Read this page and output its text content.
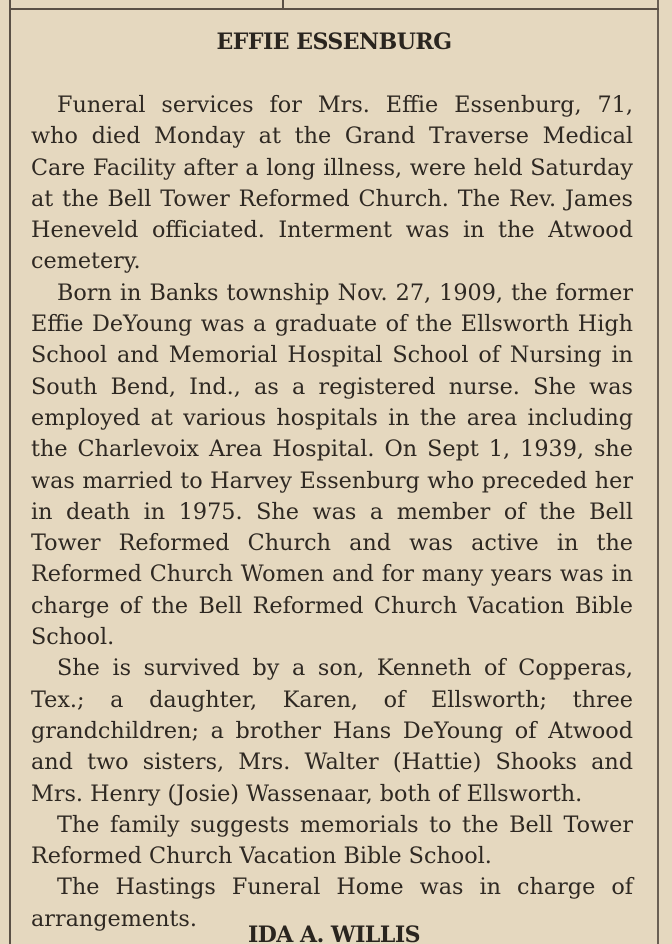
EFFIE ESSENBURG

Funeral services for Mrs. Effie Essenburg, 71, who died Monday at the Grand Traverse Medical Care Facility after a long illness, were held Saturday at the Bell Tower Reformed Church. The Rev. James Heneveld officiated. Interment was in the Atwood cemetery.

Born in Banks township Nov. 27, 1909, the former Effie DeYoung was a graduate of the Ellsworth High School and Memorial Hospital School of Nursing in South Bend, Ind., as a registered nurse. She was employed at various hospitals in the area including the Charlevoix Area Hospital. On Sept 1, 1939, she was married to Harvey Essenburg who preceded her in death in 1975. She was a member of the Bell Tower Reformed Church and was active in the Reformed Church Women and for many years was in charge of the Bell Reformed Church Vacation Bible School.

She is survived by a son, Kenneth of Copperas, Tex.; a daughter, Karen, of Ellsworth; three grandchildren; a brother Hans DeYoung of Atwood and two sisters, Mrs. Walter (Hattie) Shooks and Mrs. Henry (Josie) Wassenaar, both of Ellsworth.

The family suggests memorials to the Bell Tower Reformed Church Vacation Bible School.

The Hastings Funeral Home was in charge of arrangements.

IDA A. WILLIS
